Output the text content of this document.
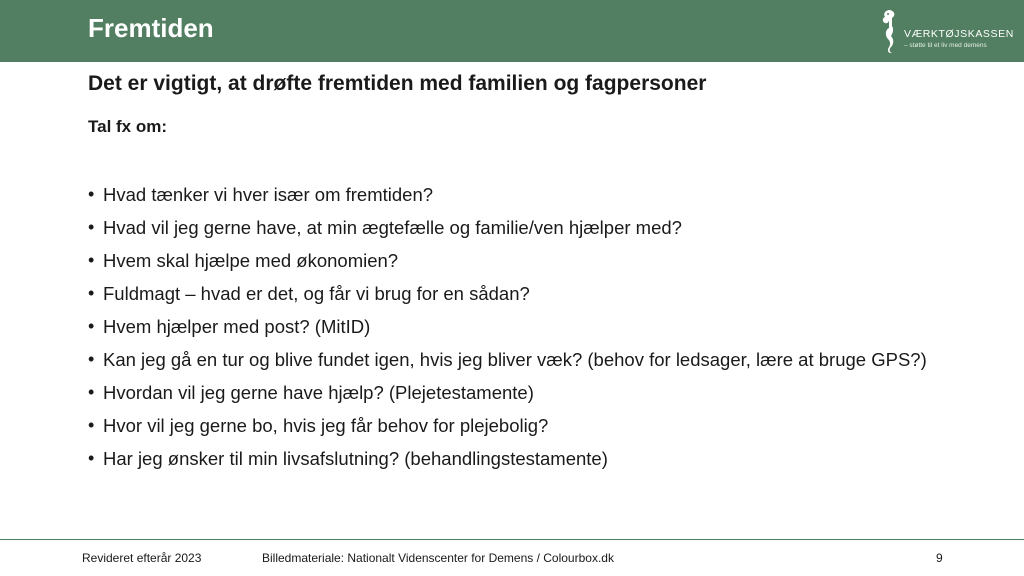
Fremtiden	VÆRKTØJSKASSEN
– støtte til et liv med demens
Det er vigtigt, at drøfte fremtiden med familien og fagpersoner
Tal fx om:
• Hvad tænker vi hver især om fremtiden?
• Hvad vil jeg gerne have, at min ægtefælle og familie/ven hjælper med?
• Hvem skal hjælpe med økonomien?
• Fuldmagt – hvad er det, og får vi brug for en sådan?
• Hvem hjælper med post? (MitID)
• Kan jeg gå en tur og blive fundet igen, hvis jeg bliver væk? (behov for ledsager, lære at bruge GPS?)
• Hvordan vil jeg gerne have hjælp? (Plejetestamente)
• Hvor vil jeg gerne bo, hvis jeg får behov for plejebolig?
• Har jeg ønsker til min livsafslutning? (behandlingstestamente)
Revideret efterår 2023	Billedmateriale: Nationalt Videnscenter for Demens / Colourbox.dk	9
